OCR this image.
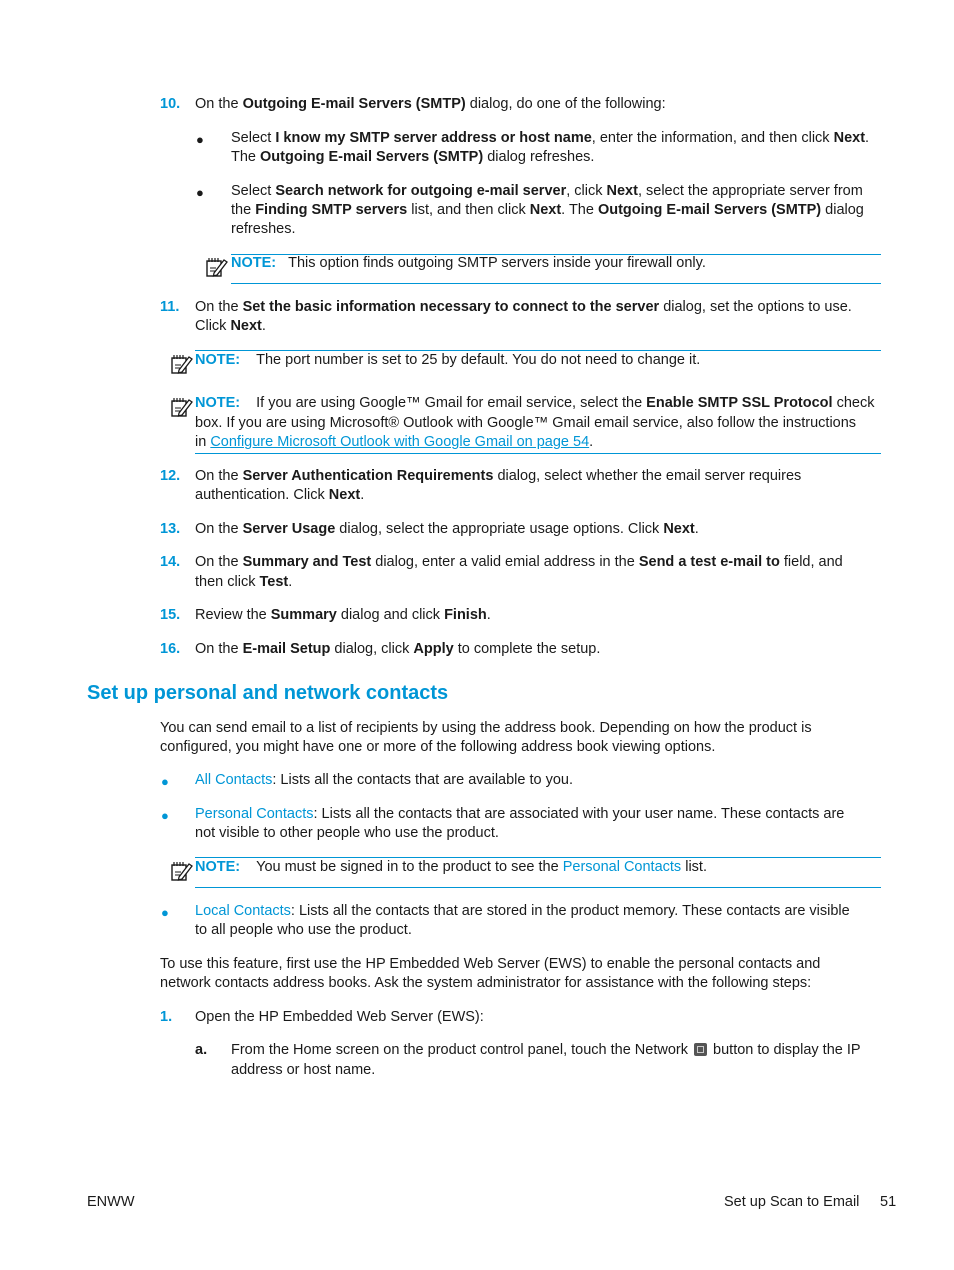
10. On the Outgoing E-mail Servers (SMTP) dialog, do one of the following:
● Select I know my SMTP server address or host name, enter the information, and then click Next.
The Outgoing E-mail Servers (SMTP) dialog refreshes.
● Select Search network for outgoing e-mail server, click Next, select the appropriate server from
the Finding SMTP servers list, and then click Next. The Outgoing E-mail Servers (SMTP) dialog
refreshes.
NOTE: This option finds outgoing SMTP servers inside your firewall only.
11. On the Set the basic information necessary to connect to the server dialog, set the options to use.
Click Next.
NOTE: The port number is set to 25 by default. You do not need to change it.
NOTE: If you are using Google™ Gmail for email service, select the Enable SMTP SSL Protocol check
box. If you are using Microsoft® Outlook with Google™ Gmail email service, also follow the instructions
in Configure Microsoft Outlook with Google Gmail on page 54.
12. On the Server Authentication Requirements dialog, select whether the email server requires
authentication. Click Next.
13. On the Server Usage dialog, select the appropriate usage options. Click Next.
14. On the Summary and Test dialog, enter a valid emial address in the Send a test e-mail to field, and
then click Test.
15. Review the Summary dialog and click Finish.
16. On the E-mail Setup dialog, click Apply to complete the setup.
Set up personal and network contacts
You can send email to a list of recipients by using the address book. Depending on how the product is
configured, you might have one or more of the following address book viewing options.
● All Contacts: Lists all the contacts that are available to you.
● Personal Contacts: Lists all the contacts that are associated with your user name. These contacts are
not visible to other people who use the product.
NOTE: You must be signed in to the product to see the Personal Contacts list.
● Local Contacts: Lists all the contacts that are stored in the product memory. These contacts are visible
to all people who use the product.
To use this feature, first use the HP Embedded Web Server (EWS) to enable the personal contacts and
network contacts address books. Ask the system administrator for assistance with the following steps:
1. Open the HP Embedded Web Server (EWS):
a. From the Home screen on the product control panel, touch the Network  button to display the IP
address or host name.
ENWW	Set up Scan to Email 51
